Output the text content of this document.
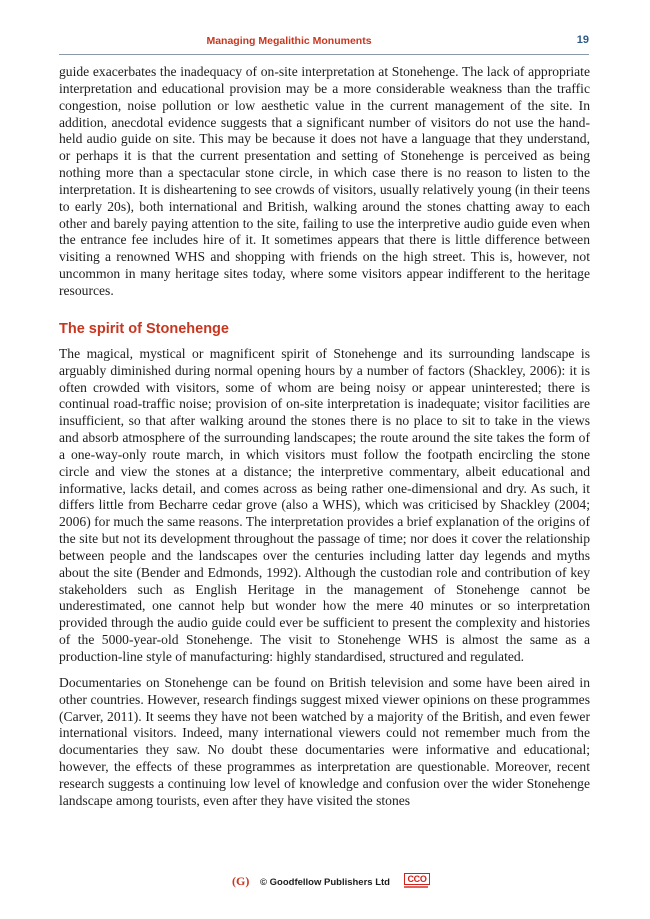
Managing Megalithic Monuments	19

guide exacerbates the inadequacy of on-site interpretation at Stonehenge. The lack of appropriate interpretation and educational provision may be a more considerable weakness than the traffic congestion, noise pollution or low aesthetic value in the current management of the site. In addition, anecdotal evidence suggests that a significant number of visitors do not use the hand-held audio guide on site. This may be because it does not have a language that they understand, or perhaps it is that the current presentation and setting of Stonehenge is perceived as being nothing more than a spectacular stone circle, in which case there is no reason to listen to the interpretation. It is disheartening to see crowds of visitors, usually relatively young (in their teens to early 20s), both international and British, walking around the stones chatting away to each other and barely paying attention to the site, failing to use the interpretive audio guide even when the entrance fee includes hire of it. It sometimes appears that there is little difference between visiting a renowned WHS and shopping with friends on the high street. This is, however, not uncommon in many heritage sites today, where some visitors appear indifferent to the heritage resources.

The spirit of Stonehenge

The magical, mystical or magnificent spirit of Stonehenge and its surrounding landscape is arguably diminished during normal opening hours by a number of factors (Shackley, 2006): it is often crowded with visitors, some of whom are being noisy or appear uninterested; there is continual road-traffic noise; provision of on-site interpretation is inadequate; visitor facilities are insufficient, so that after walking around the stones there is no place to sit to take in the views and absorb atmosphere of the surrounding landscapes; the route around the site takes the form of a one-way-only route march, in which visitors must follow the footpath encircling the stone circle and view the stones at a distance; the interpretive commentary, albeit educational and informative, lacks detail, and comes across as being rather one-dimensional and dry. As such, it differs little from Becharre cedar grove (also a WHS), which was criticised by Shackley (2004; 2006) for much the same reasons. The interpretation provides a brief explanation of the origins of the site but not its development throughout the passage of time; nor does it cover the relationship between people and the landscapes over the centuries including latter day legends and myths about the site (Bender and Edmonds, 1992). Although the custodian role and contribution of key stakeholders such as English Heritage in the management of Stonehenge cannot be underestimated, one cannot help but wonder how the mere 40 minutes or so interpretation provided through the audio guide could ever be sufficient to present the complexity and histories of the 5000-year-old Stonehenge. The visit to Stonehenge WHS is almost the same as a production-line style of manufacturing: highly standardised, structured and regulated.

Documentaries on Stonehenge can be found on British television and some have been aired in other countries. However, research findings suggest mixed viewer opinions on these programmes (Carver, 2011). It seems they have not been watched by a majority of the British, and even fewer international visitors. Indeed, many international viewers could not remember much from the documentaries they saw. No doubt these documentaries were informative and educational; however, the effects of these programmes as interpretation are questionable. Moreover, recent research suggests a continuing low level of knowledge and confusion over the wider Stonehenge landscape among tourists, even after they have visited the stones

(G) © Goodfellow Publishers Ltd	CCO
